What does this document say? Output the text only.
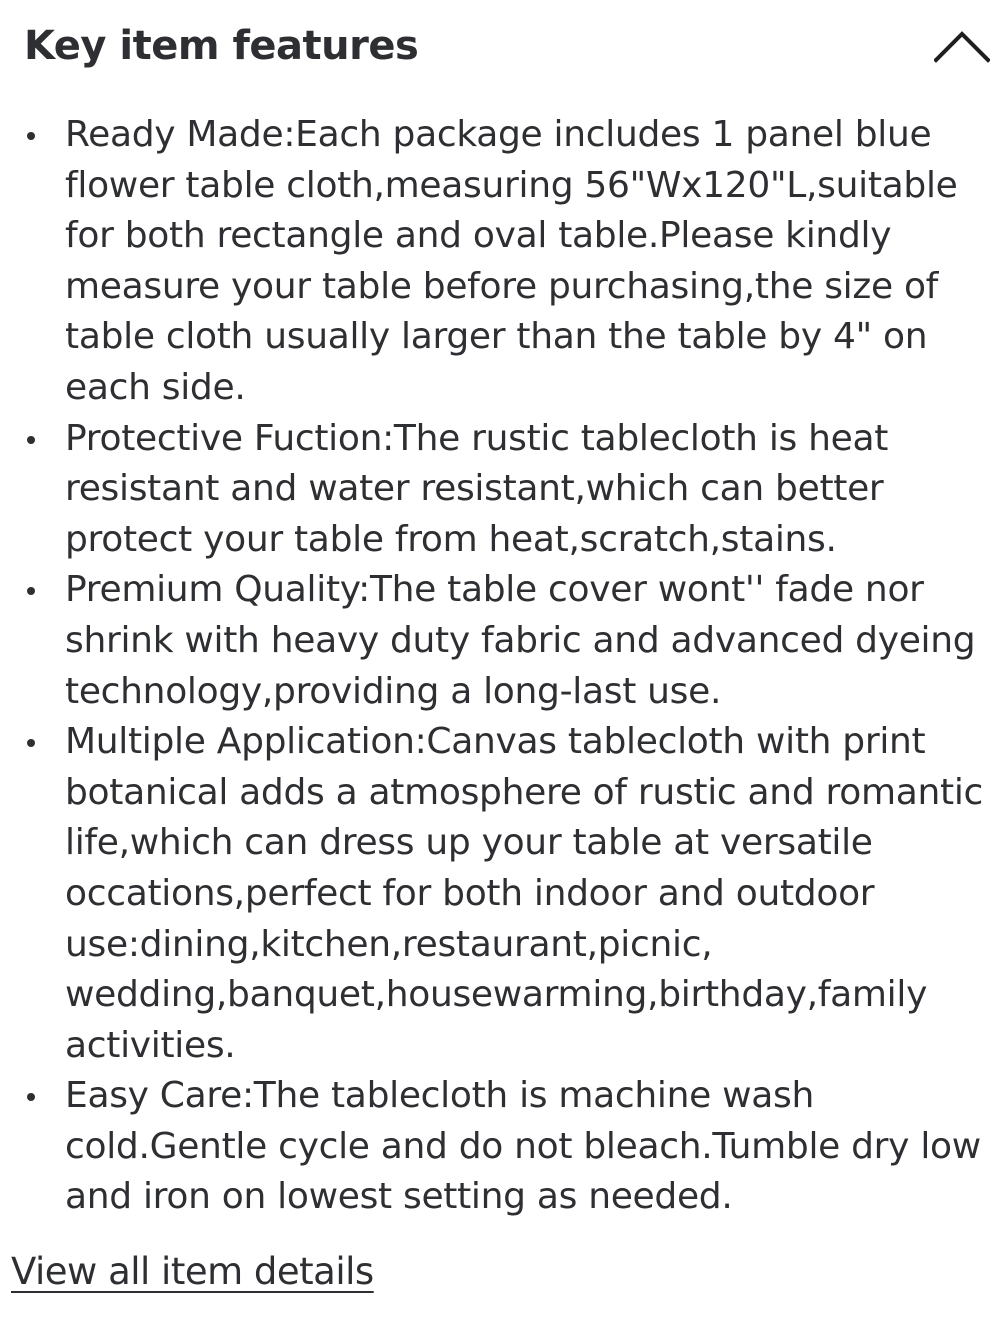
Key item features
Ready Made:Each package includes 1 panel blue flower table cloth,measuring 56"Wx120"L,suitable for both rectangle and oval table.Please kindly measure your table before purchasing,the size of table cloth usually larger than the table by 4" on each side.
Protective Fuction:The rustic tablecloth is heat resistant and water resistant,which can better protect your table from heat,scratch,stains.
Premium Quality:The table cover wont'' fade nor shrink with heavy duty fabric and advanced dyeing technology,providing a long-last use.
Multiple Application:Canvas tablecloth with print botanical adds a atmosphere of rustic and romantic life,which can dress up your table at versatile occations,perfect for both indoor and outdoor use:dining,kitchen,restaurant,picnic, wedding,banquet,housewarming,birthday,family activities.
Easy Care:The tablecloth is machine wash cold.Gentle cycle and do not bleach.Tumble dry low and iron on lowest setting as needed.
View all item details
